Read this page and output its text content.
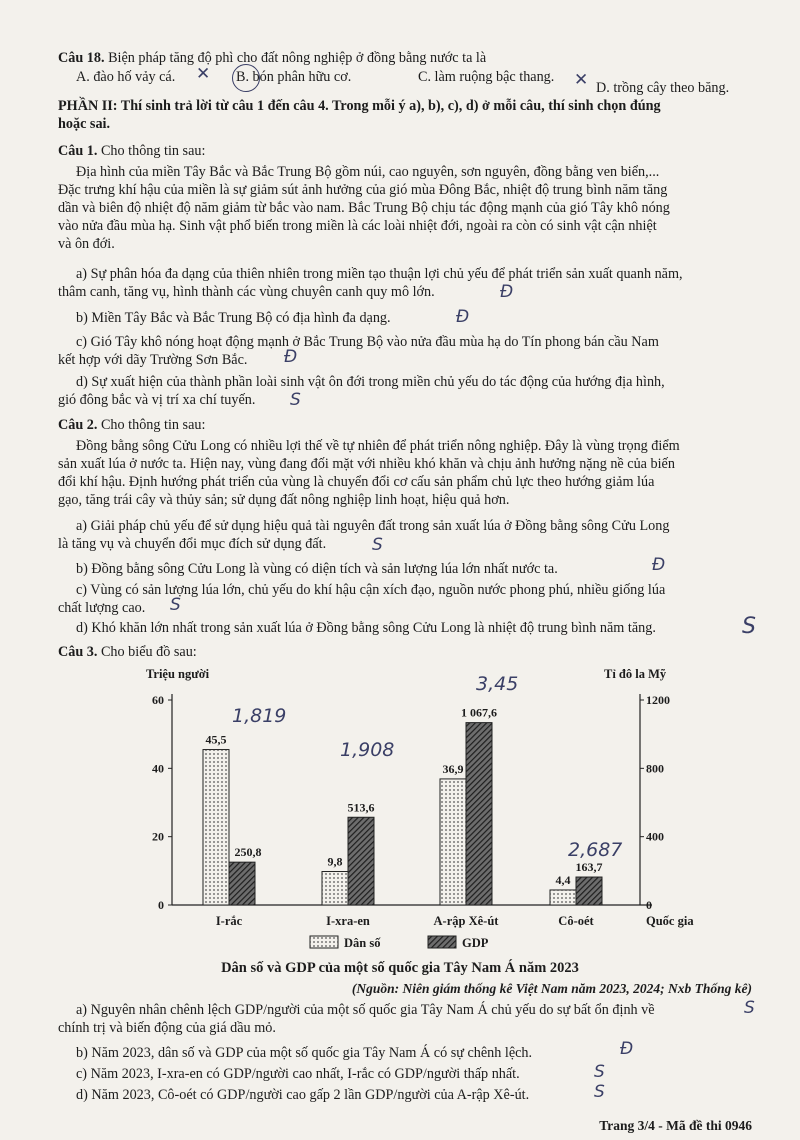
Câu 18. Biện pháp tăng độ phì cho đất nông nghiệp ở đồng bằng nước ta là
A. đào hố vảy cá.	B. bón phân hữu cơ.	C. làm ruộng bậc thang.
D. trồng cây theo băng.
✕	✕
PHẦN II: Thí sinh trả lời từ câu 1 đến câu 4. Trong mỗi ý a), b), c), d) ở mỗi câu, thí sinh chọn đúng
hoặc sai.
Câu 1. Cho thông tin sau:
Địa hình của miền Tây Bắc và Bắc Trung Bộ gồm núi, cao nguyên, sơn nguyên, đồng bằng ven biển,...
Đặc trưng khí hậu của miền là sự giảm sút ảnh hưởng của gió mùa Đông Bắc, nhiệt độ trung bình năm tăng
dần và biên độ nhiệt độ năm giảm từ bắc vào nam. Bắc Trung Bộ chịu tác động mạnh của gió Tây khô nóng
vào nửa đầu mùa hạ. Sinh vật phổ biến trong miền là các loài nhiệt đới, ngoài ra còn có sinh vật cận nhiệt
và ôn đới.
a) Sự phân hóa đa dạng của thiên nhiên trong miền tạo thuận lợi chủ yếu để phát triển sản xuất quanh năm,
thâm canh, tăng vụ, hình thành các vùng chuyên canh quy mô lớn.	Đ
b) Miền Tây Bắc và Bắc Trung Bộ có địa hình đa dạng.	Đ
c) Gió Tây khô nóng hoạt động mạnh ở Bắc Trung Bộ vào nửa đầu mùa hạ do Tín phong bán cầu Nam
kết hợp với dãy Trường Sơn Bắc. Đ
d) Sự xuất hiện của thành phần loài sinh vật ôn đới trong miền chủ yếu do tác động của hướng địa hình,
gió đông bắc và vị trí xa chí tuyến. S
Câu 2. Cho thông tin sau:
Đồng bằng sông Cửu Long có nhiều lợi thế về tự nhiên để phát triển nông nghiệp. Đây là vùng trọng điểm
sản xuất lúa ở nước ta. Hiện nay, vùng đang đối mặt với nhiều khó khăn và chịu ảnh hưởng nặng nề của biến
đổi khí hậu. Định hướng phát triển của vùng là chuyển đổi cơ cấu sản phẩm chủ lực theo hướng giảm lúa
gạo, tăng trái cây và thủy sản; sử dụng đất nông nghiệp linh hoạt, hiệu quả hơn.
a) Giải pháp chủ yếu để sử dụng hiệu quả tài nguyên đất trong sản xuất lúa ở Đồng bằng sông Cửu Long
là tăng vụ và chuyển đổi mục đích sử dụng đất.	S
b) Đồng bằng sông Cửu Long là vùng có diện tích và sản lượng lúa lớn nhất nước ta.	Đ
c) Vùng có sản lượng lúa lớn, chủ yếu do khí hậu cận xích đạo, nguồn nước phong phú, nhiều giống lúa
chất lượng cao. S
d) Khó khăn lớn nhất trong sản xuất lúa ở Đồng bằng sông Cửu Long là nhiệt độ trung bình năm tăng.	S
Câu 3. Cho biểu đồ sau:
0
20
40
60
0
400
800
1200
Triệu người	Tỉ đô la Mỹ
Quốc gia
45,5
250,8
I-rắc
9,8
513,6
I-xra-en
36,9
1 067,6
A-rập Xê-út
4,4
163,7
Cô-oét
Dân số	GDP
1,819
1,908
3,45
2,687
Dân số và GDP của một số quốc gia Tây Nam Á năm 2023
(Nguồn: Niên giám thống kê Việt Nam năm 2023, 2024; Nxb Thống kê)
a) Nguyên nhân chênh lệch GDP/người của một số quốc gia Tây Nam Á chủ yếu do sự bất ổn định về
chính trị và biến động của giá dầu mỏ.
S
b) Năm 2023, dân số và GDP của một số quốc gia Tây Nam Á có sự chênh lệch.	Đ
c) Năm 2023, I-xra-en có GDP/người cao nhất, I-rắc có GDP/người thấp nhất.	S
d) Năm 2023, Cô-oét có GDP/người cao gấp 2 lần GDP/người của A-rập Xê-út.	S
Trang 3/4 - Mã đề thi 0946
